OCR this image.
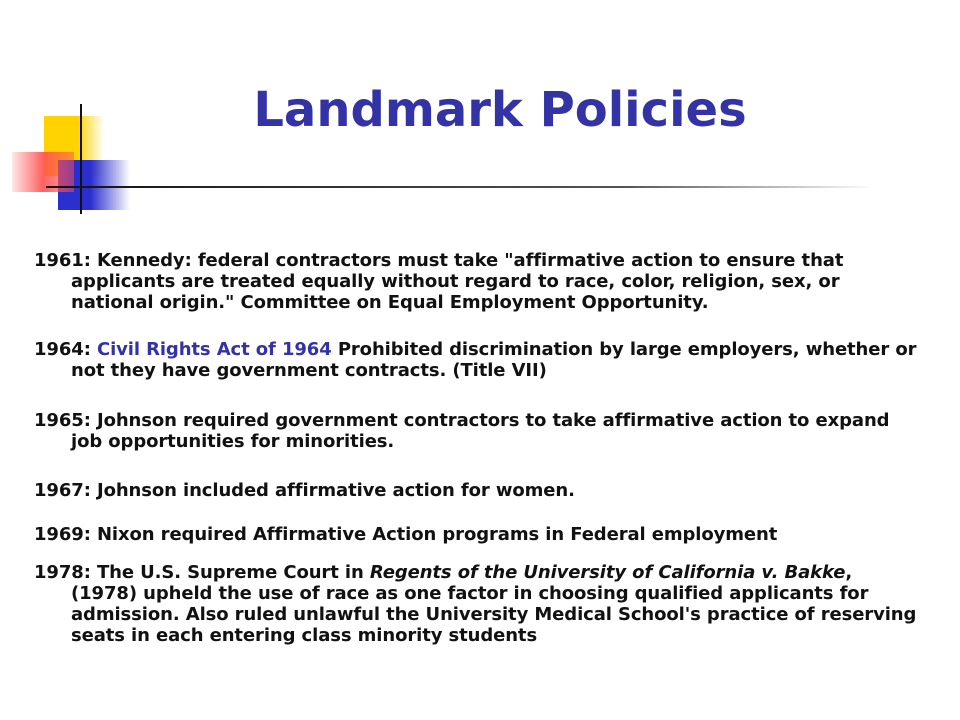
Landmark Policies
1961: Kennedy: federal contractors must take "affirmative action to ensure that applicants are treated equally without regard to race, color, religion, sex, or national origin." Committee on Equal Employment Opportunity.
1964: Civil Rights Act of 1964 Prohibited discrimination by large employers, whether or not they have government contracts. (Title VII)
1965: Johnson required government contractors to take affirmative action to expand job opportunities for minorities.
1967: Johnson included affirmative action for women.
1969: Nixon required Affirmative Action programs in Federal employment
1978: The U.S. Supreme Court in Regents of the University of California v. Bakke, (1978) upheld the use of race as one factor in choosing qualified applicants for admission. Also ruled unlawful the University Medical School's practice of reserving seats in each entering class minority students
